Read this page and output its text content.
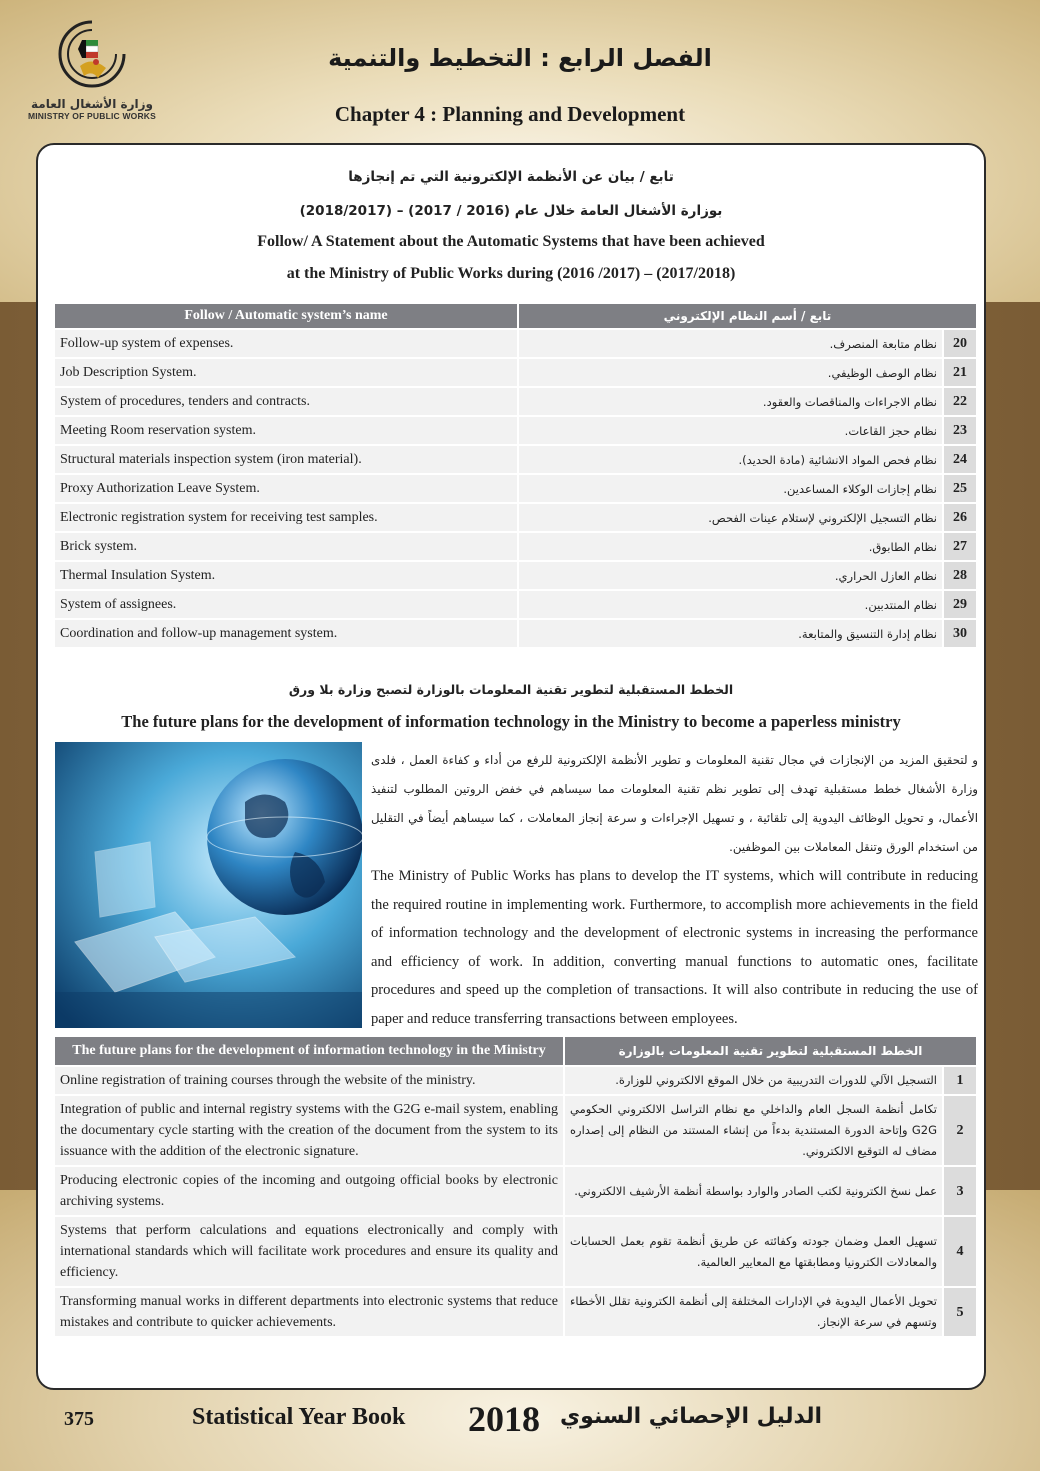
وزارة الأشغال العامة
MINISTRY OF PUBLIC WORKS
الفصل الرابع : التخطيط والتنمية
Chapter 4 : Planning and Development
تابع / بيان عن الأنظمة الإلكترونية التي تم إنجازها
بوزارة الأشغال العامة خلال عام (2016 / 2017) – (2018/2017)
Follow/ A Statement about the Automatic Systems that have been achieved
at the Ministry of Public Works during (2016 /2017) – (2017/2018)
Follow / Automatic system’s name	تابع / أسم النظام الإلكتروني	
Follow-up system of expenses.	نظام متابعة المنصرف.	20
Job Description System.	نظام الوصف الوظيفي.	21
System of procedures, tenders and contracts.	نظام الاجراءات والمناقصات والعقود.	22
Meeting Room reservation system.	نظام حجز القاعات.	23
Structural materials inspection system (iron material).	نظام فحص المواد الانشائية (مادة الحديد).	24
Proxy Authorization Leave System.	نظام إجازات الوكلاء المساعدين.	25
Electronic registration system for receiving test samples.	نظام التسجيل الإلكتروني لإستلام عينات الفحص.	26
Brick system.	نظام الطابوق.	27
Thermal Insulation System.	نظام العازل الحراري.	28
System of assignees.	نظام المنتدبين.	29
Coordination and follow-up management system.	نظام إدارة التنسيق والمتابعة.	30
الخطط المستقبلية لتطوير تقنية المعلومات بالوزارة لتصبح وزارة بلا ورق
The future plans for the development of information technology in the Ministry to become a paperless ministry
و لتحقيق المزيد من الإنجازات في مجال تقنية المعلومات و تطوير الأنظمة الإلكترونية للرفع من أداء و كفاءة العمل ، فلدى وزارة الأشغال خطط مستقبلية تهدف إلى تطوير نظم تقنية المعلومات مما سيساهم في خفض الروتين المطلوب لتنفيذ الأعمال، و تحويل الوظائف اليدوية إلى تلقائية ، و تسهيل الإجراءات و سرعة إنجاز المعاملات ، كما سيساهم أيضاً في التقليل من استخدام الورق وتنقل المعاملات بين الموظفين.
The Ministry of Public Works has plans to develop the IT systems, which will contribute in reducing the required routine in implementing work. Furthermore, to accomplish more achievements in the field of information technology and the development of electronic systems in increasing the performance and efficiency of work. In addition, converting manual functions to automatic ones, facilitate procedures and speed up the completion of transactions. It will also contribute in reducing the use of paper and reduce transferring transactions between employees.
The future plans for the development of information technology in the Ministry	الخطط المستقبلية لتطوير تقنية المعلومات بالوزارة	
Online registration of training courses through the website of the ministry.	التسجيل الآلي للدورات التدريبية من خلال الموقع الالكتروني للوزارة.	1
Integration of public and internal registry systems with the G2G e-mail system, enabling the documentary cycle starting with the creation of the document from the system to its issuance with the addition of the electronic signature.	تكامل أنظمة السجل العام والداخلي مع نظام التراسل الالكتروني الحكومي G2G وإتاحة الدورة المستندية بدءاً من إنشاء المستند من النظام إلى إصداره مضاف له التوقيع الالكتروني.	2
Producing electronic copies of the incoming and outgoing official books by electronic archiving systems.	عمل نسخ الكترونية لكتب الصادر والوارد بواسطة أنظمة الأرشيف الالكتروني.	3
Systems that perform calculations and equations electronically and comply with international standards which will facilitate work procedures and ensure its quality and efficiency.	تسهيل العمل وضمان جودته وكفائته عن طريق أنظمة تقوم بعمل الحسابات والمعادلات الكترونيا ومطابقتها مع المعايير العالمية.	4
Transforming manual works in different departments into electronic systems that reduce mistakes and contribute to quicker achievements.	تحويل الأعمال اليدوية في الإدارات المختلفة إلى أنظمة الكترونية تقلل الأخطاء وتسهم في سرعة الإنجاز.	5
375	Statistical Year Book 2018 الدليل الإحصائي السنوي
